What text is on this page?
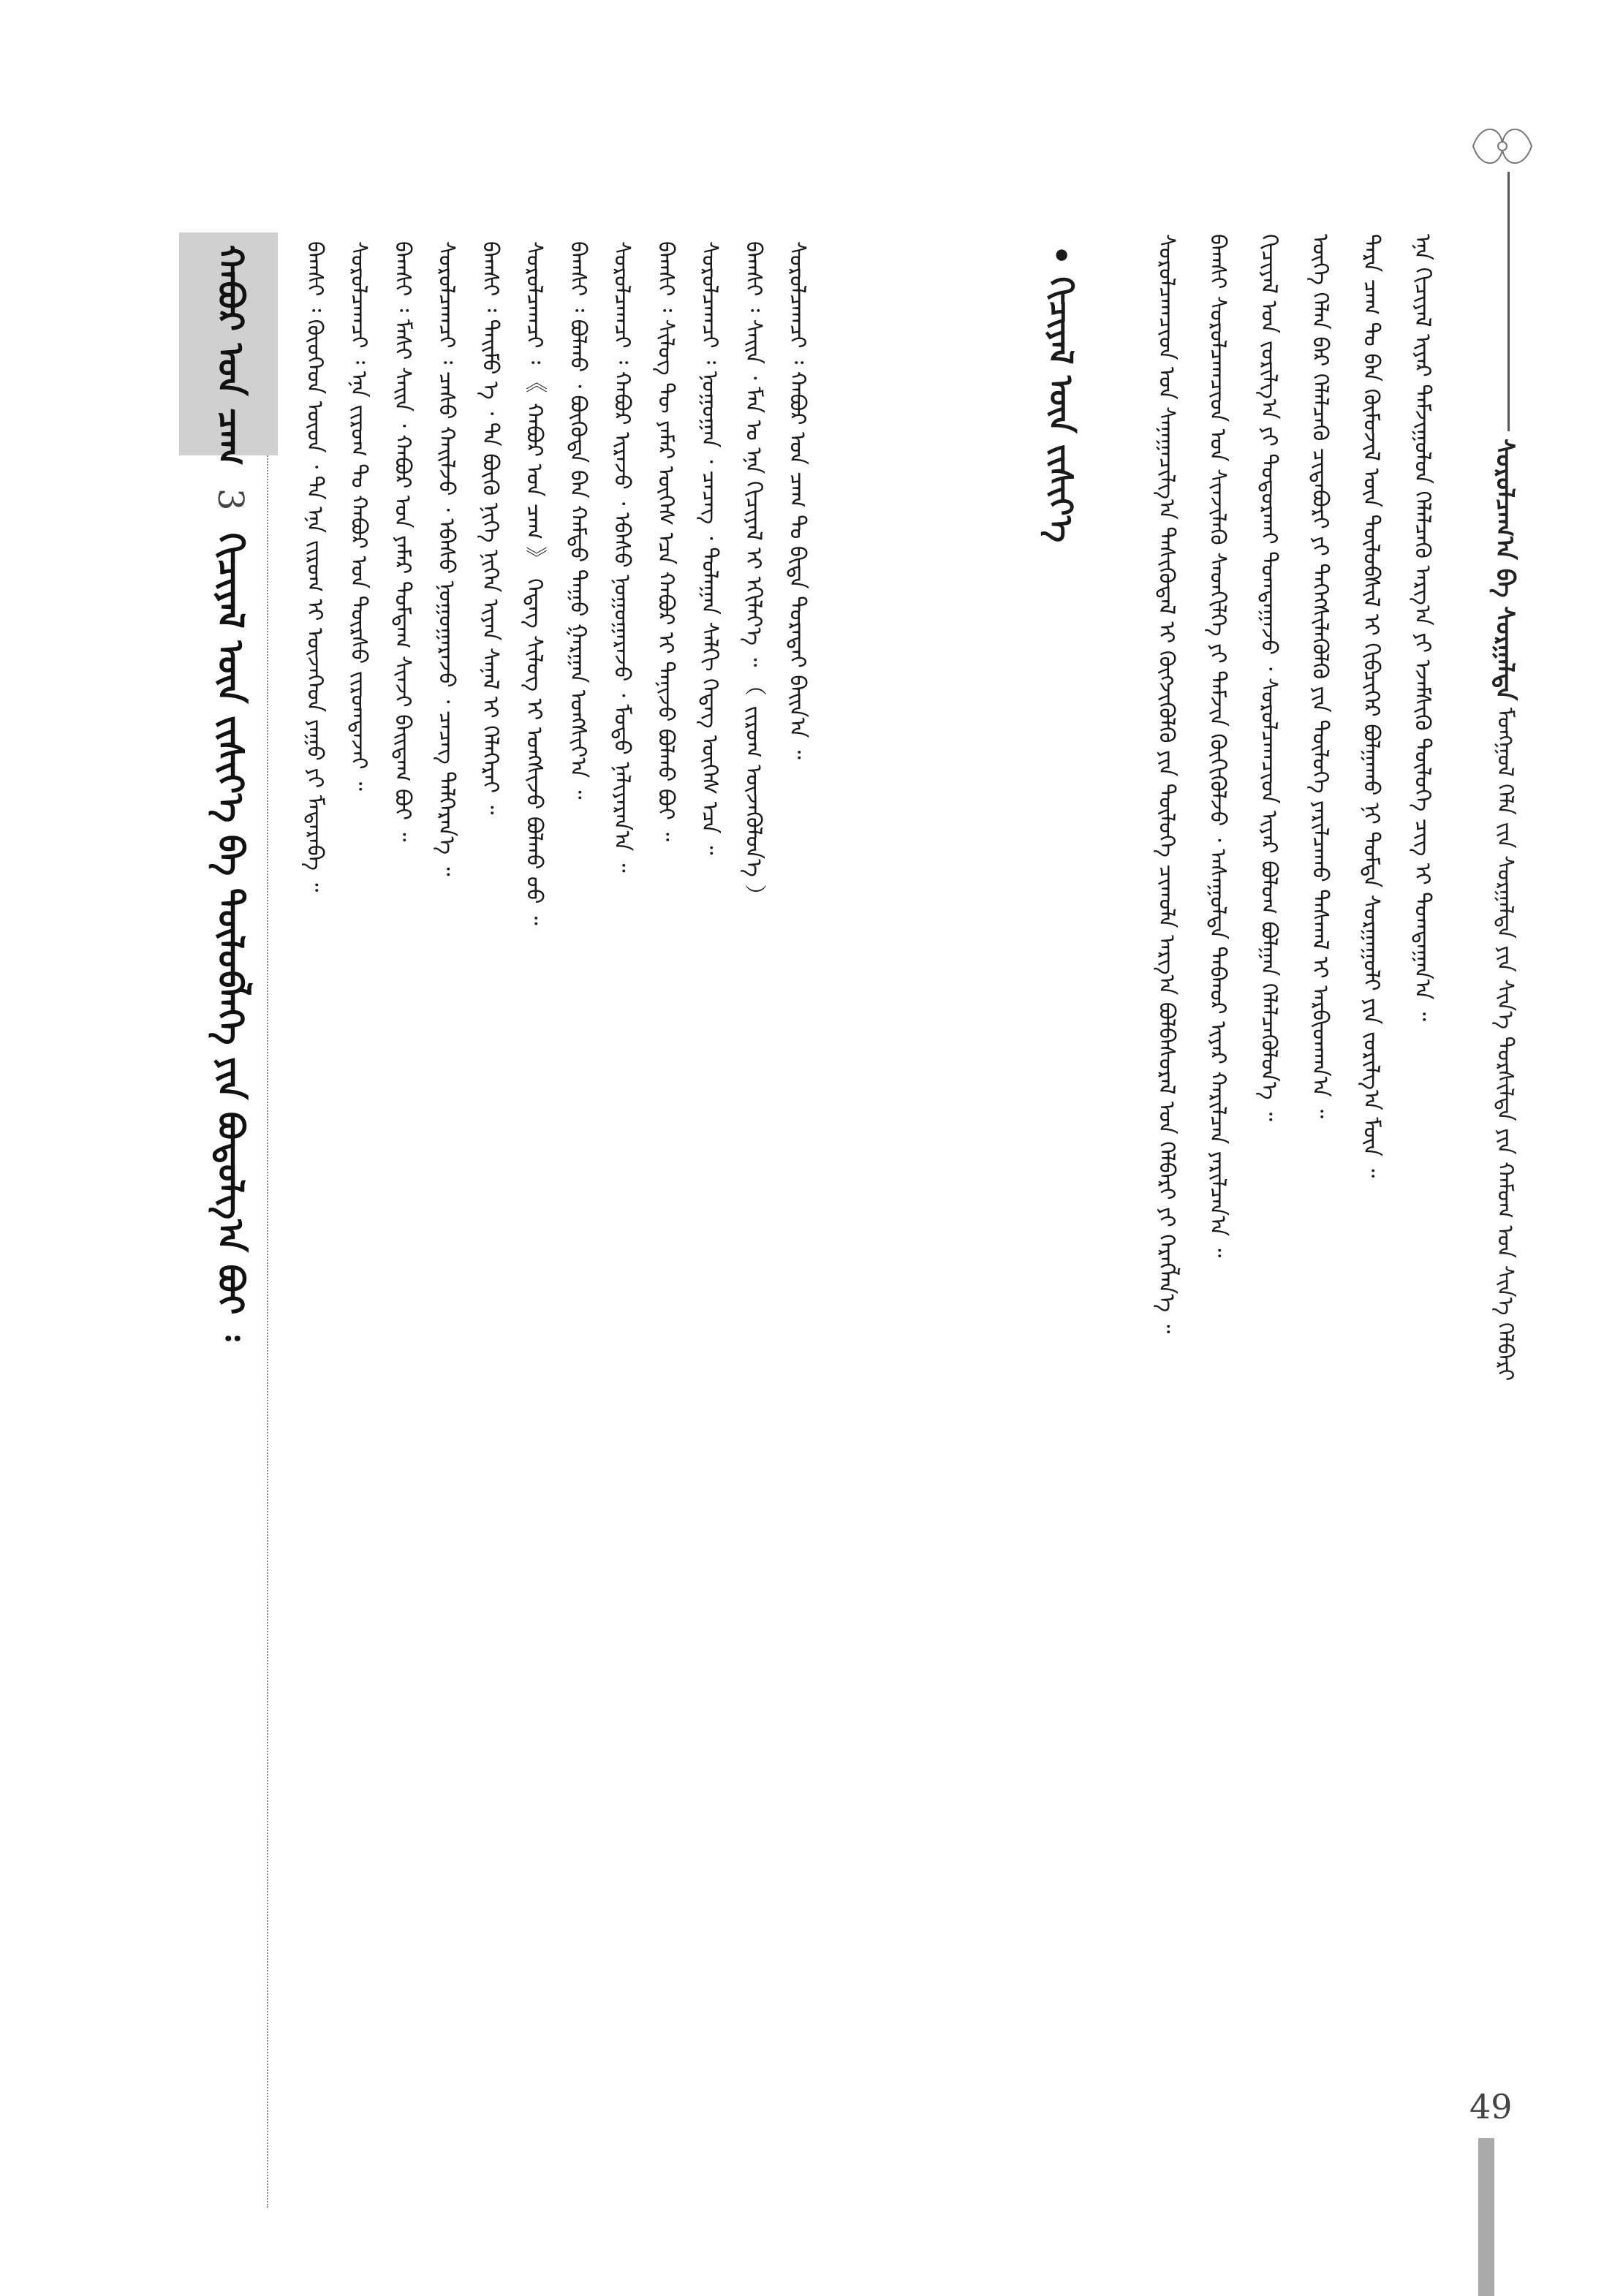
ᠰᠤᠷᠤᠯᠴᠠᠭ᠎ᠠ ᠪᠠ ᠰᠤᠷᠭᠠᠯᠲᠠ ᠮᠣᠩᠭᠣᠯ ᠬᠡᠯᠡ ᠵᠢᠨ ᠰᠤᠷᠭᠠᠯᠲᠠ ᠶᠢᠨ ᠰᠢᠨ᠎ᠡ ᠲᠤᠷᠰᠢᠯᠲᠠ ᠶᠢᠨ ᠬᠠᠮᠤᠭ ᠤᠨ ᠰᠢᠨ᠎ᠡ ᠬᠡᠯᠪᠡᠷᠢ

ᠰᠤᠷᠤᠯᠴᠠᠭᠴᠢᠳ ᠤᠨ ᠰᠠᠨᠠᠭᠠᠴᠢᠯᠭ᠎ᠠ ᠲᠡᠰᠢᠭᠦᠳᠡᠯ ᠢ ᠬᠥᠭᠵᠢᠭᠦᠯᠬᠦ ᠶᠢᠨ ᠲᠥᠯᠦᠭᠡ ᠴᠢᠬᠤᠯᠠ ᠠᠷᠭ᠎ᠠ ᠪᠣᠯᠪᠠᠰᠤᠷᠠᠯ ᠤᠨ ᠬᠡᠯᠪᠡᠷᠢ ᠶᠢ ᠬᠡᠷᠡᠭᠯᠡᠨ᠎ᠡ ᠃	ᠪᠠᠭᠰᠢ ᠰᠤᠷᠤᠯᠴᠠᠭᠴᠢᠳ ᠤᠨ ᠰᠢᠨᠵᠢᠯᠡᠬᠦ ᠰᠡᠳᠬᠢᠯᠭᠡ ᠶᠢ ᠳᠡᠮᠵᠢᠨ ᠬᠥᠬᠢᠭᠦᠯᠵᠦ ᠂ ᠠᠰᠠᠭᠤᠯᠲᠠ ᠳᠠᠪᠬᠤᠷ ᠢᠶᠠᠷ ᠬᠠᠷᠢᠯᠴᠠᠨ ᠶᠠᠷᠢᠯᠴᠠᠨ᠎ᠠ ᠃	ᠬᠢᠴᠢᠶᠡᠯ ᠤᠨ ᠵᠣᠷᠢᠯᠭ᠎ᠠ ᠶᠢ ᠲᠣᠳᠣᠷᠬᠠᠶ ᠲᠣᠭᠲᠠᠭᠠᠵᠤ ᠂ ᠰᠤᠷᠤᠯᠴᠠᠭᠴᠢᠳ ᠢᠶᠠᠷ ᠪᠤᠯᠤᠭ ᠪᠣᠯᠭᠠᠨ ᠬᠡᠯᠡᠯᠴᠡᠭᠦᠯᠦᠨ᠎ᠡ ᠃	ᠦᠭᠡ ᠬᠡᠯᠡᠨ ᠪᠠᠷ ᠬᠡᠯᠡᠯᠴᠡᠬᠦ ᠴᠢᠳᠠᠪᠤᠷᠢ ᠶᠢ ᠳᠡᠭᠡᠭᠰᠢᠯᠡᠭᠦᠯᠬᠦ ᠶᠢᠨ ᠲᠥᠯᠦᠭᠡ ᠶᠠᠷᠢᠯᠴᠠᠬᠤ ᠳᠠᠰᠬᠠᠯ ᠢ ᠠᠷᠪᠢᠳᠬᠠᠨ᠎ᠠ ᠃	ᠲᠡᠷᠡ ᠴᠠᠭ ᠲᠤ ᠪᠡᠨ ᠬᠥᠮᠦᠵᠢᠯ ᠦᠨ ᠲᠥᠯᠦᠪᠰᠢᠯ ᠢ ᠬᠢᠪᠴᠢᠭᠡᠷ ᠪᠣᠯᠭᠠᠬᠤ ᠨᠢ ᠳᠤᠮᠳᠠ ᠰᠤᠷᠭᠠᠭᠤᠯᠢ ᠶᠢᠨ ᠵᠣᠷᠢᠯᠭ᠎ᠠ ᠮᠥᠨ ᠃	ᠡᠨᠡ ᠬᠢᠴᠢᠶᠡᠯ ᠢᠶᠡᠷ ᠳᠠᠮᠵᠢᠭᠤᠯᠤᠨ ᠬᠡᠯᠡᠯᠴᠡᠬᠦ ᠠᠷᠭ᠎ᠠ ᠶᠢ ᠡᠵᠡᠮᠰᠢᠬᠦ ᠲᠥᠯᠦᠭᠡ ᠴᠢᠭ ᠢ ᠲᠣᠭᠲᠠᠭᠠᠨ᠎ᠠ ᠃

• ᠬᠢᠴᠢᠶᠡᠯ ᠦᠨ ᠵᠢᠱᠢᠶ᠎ᠡ

ᠪᠠᠭᠰᠢ ᠄ ᠬᠦᠦᠬᠡᠳ ᠦᠳ ᠂ ᠲᠠ ᠡᠨᠡ ᠵᠢᠷᠤᠭ ᠢ ᠦᠵᠡᠭᠡᠳ ᠶᠠᠭᠤ ᠶᠢ ᠮᠡᠳᠡᠷᠡᠪᠡ ᠃ ᠰᠤᠷᠤᠯᠴᠠᠭᠴᠢ ᠄ ᠡᠨᠡ ᠵᠢᠷᠤᠭ ᠲᠤ ᠬᠠᠪᠤᠷ ᠤᠨ ᠳᠦᠷᠰᠦ ᠵᠢᠷᠤᠭᠳᠠᠵᠠᠢ ᠃ ᠪᠠᠭᠰᠢ ᠄ ᠮᠠᠰᠢ ᠰᠠᠢᠨ ᠂ ᠬᠠᠪᠤᠷ ᠤᠨ ᠶᠠᠮᠠᠷ ᠲᠣᠮᠳᠠᠭ ᠰᠢᠨᠵᠢ ᠪᠠᠢᠳᠠᠭ ᠪᠤᠢ ᠃ ᠰᠤᠷᠤᠯᠴᠠᠭᠴᠢ ᠄ ᠴᠠᠰᠤ ᠬᠠᠢᠯᠵᠤ ᠂ ᠡᠪᠡᠰᠦ ᠨᠣᠭᠣᠭᠠᠷᠠᠵᠤ ᠂ ᠴᠡᠴᠡᠭ ᠳᠡᠯᠭᠡᠷᠡᠨ᠎ᠡ ᠃ ᠪᠠᠭᠰᠢ ᠄ ᠲᠡᠢᠮᠦ ᠡ ᠂ ᠲᠠ ᠪᠦᠬᠦ ᠨᠢᠭᠡ ᠨᠢᠭᠡᠨ ᠢᠶᠡᠨ ᠰᠠᠨᠠᠯ ᠢ ᠬᠡᠯᠡᠭᠡᠷᠡᠢ ᠃ ᠰᠤᠷᠤᠯᠴᠠᠭᠴᠢ ᠄ 《 ᠬᠠᠪᠤᠷ ᠤᠨ ᠴᠠᠭ 》 ᠭᠡᠳᠡᠭ ᠰᠢᠯᠦᠭ ᠢ ᠤᠩᠰᠢᠵᠤ ᠪᠣᠯᠬᠤ ᠤᠤ ᠃ ᠪᠠᠭᠰᠢ ᠄ ᠪᠣᠯᠬᠤ ᠂ ᠪᠦᠬᠦᠳᠡ ᠪᠡᠨ ᠬᠠᠮᠲᠤ ᠳᠠᠭᠤ ᠭᠠᠷᠭᠠᠨ ᠤᠩᠰᠢᠶ᠎ᠠ ᠃ ᠰᠤᠷᠤᠯᠴᠠᠭᠴᠢ ᠄ ᠬᠠᠪᠤᠷ ᠢᠷᠡᠵᠦ ᠂ ᠡᠪᠡᠰᠦ ᠨᠣᠭᠣᠭᠠᠷᠠᠵᠤ ᠂ ᠮᠣᠳᠣ ᠨᠠᠯᠢᠶᠠᠷᠠᠨ᠎ᠠ ᠃ ᠪᠠᠭᠰᠢ ᠄ ᠰᠢᠯᠦᠭ ᠲᠦ ᠶᠠᠮᠠᠷ ᠦᠭᠡᠰ ᠡᠴᠡ ᠬᠠᠪᠤᠷ ᠢ ᠲᠠᠨᠢᠵᠤ ᠪᠣᠯᠬᠤ ᠪᠤᠢ ᠃ ᠰᠤᠷᠤᠯᠴᠠᠭᠴᠢ ᠄ ᠨᠣᠭᠣᠭᠠᠨ ᠂ ᠴᠡᠴᠡᠭ ᠂ ᠳᠤᠯᠠᠭᠠᠨ ᠰᠠᠯᠬᠢ ᠭᠡᠳᠡᠭ ᠦᠭᠡᠰ ᠡᠴᠡ ᠃ ᠪᠠᠭᠰᠢ ᠄ ᠰᠠᠢᠨ ᠂ ᠮᠠᠨ ᠤ ᠡᠨᠡ ᠬᠢᠴᠢᠶᠡᠯ ᠢ ᠡᠬᠢᠯᠡᠶ᠎ᠡ ᠃ （ ᠵᠢᠷᠤᠭ ᠦᠵᠡᠭᠦᠯᠦᠨ᠎ᠡ ） ᠰᠤᠷᠤᠯᠴᠠᠭᠴᠢ ᠄ ᠬᠠᠪᠤᠷ ᠤᠨ ᠴᠠᠭ ᠲᠤ ᠪᠢᠳᠠ ᠳᠤᠷᠠᠲᠠᠢ ᠪᠠᠢᠨ᠎ᠠ ᠃

ᠬᠠᠪᠤᠷ ᠤᠨ ᠴᠠᠭ 3 ᠬᠢᠴᠢᠶᠡᠯ ᠦᠨ ᠵᠢᠱᠢᠶ᠎ᠡ ᠪᠠ ᠲᠥᠯᠦᠪᠯᠡᠭᠡ ᠶᠢᠨ ᠪᠣᠳᠤᠯᠭ᠎ᠠ ᠪᠣᠢ ᠄
49
